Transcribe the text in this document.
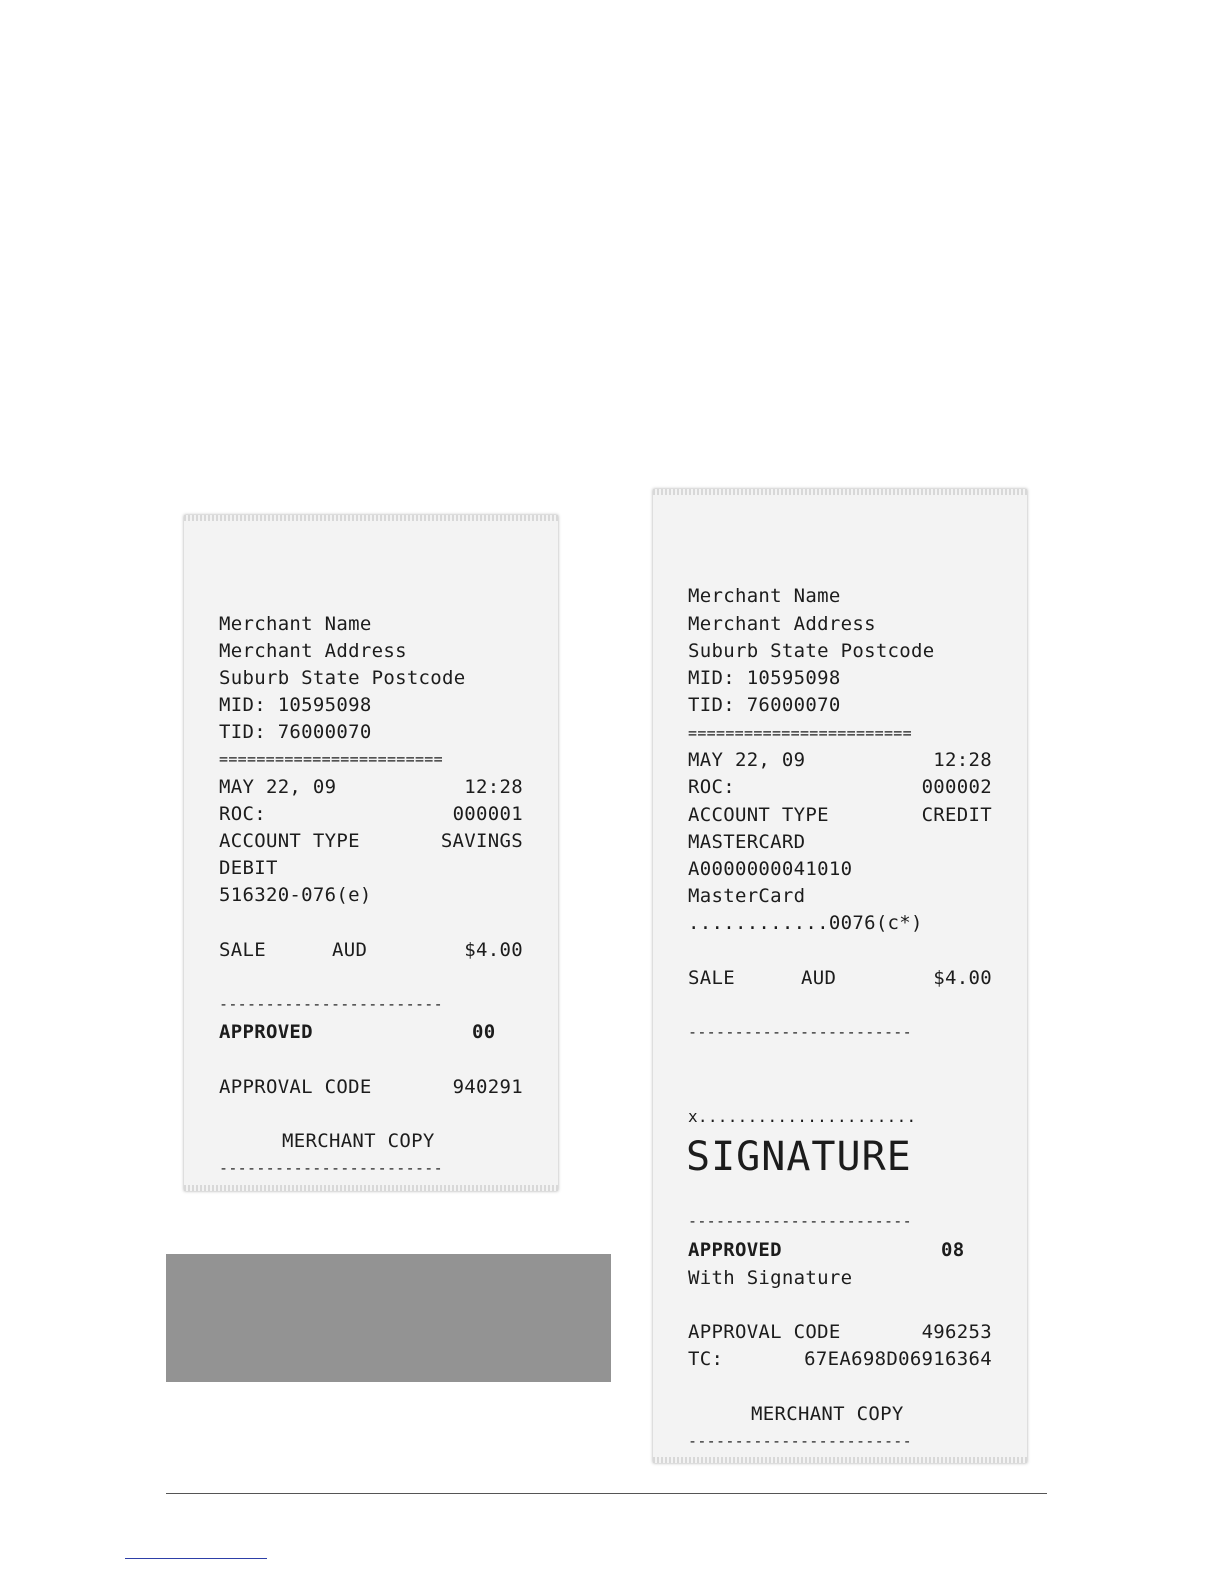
Merchant Name
Merchant Address
Suburb State Postcode
MID: 10595098
TID: 76000070
========================
MAY 22, 09	12:28
ROC:	000001
ACCOUNT TYPE	SAVINGS
DEBIT
516320-076(e)
SALE	AUD	$4.00
------------------------
APPROVED	00
APPROVAL CODE	940291
MERCHANT COPY
------------------------
Merchant Name
Merchant Address
Suburb State Postcode
MID: 10595098
TID: 76000070
========================
MAY 22, 09	12:28
ROC:	000002
ACCOUNT TYPE	CREDIT
MASTERCARD
A0000000041010
MasterCard
............0076(c*)
SALE	AUD	$4.00
------------------------
x......................
SIGNATURE
------------------------
APPROVED	08
With Signature
APPROVAL CODE	496253
TC:	67EA698D06916364
MERCHANT COPY
------------------------
